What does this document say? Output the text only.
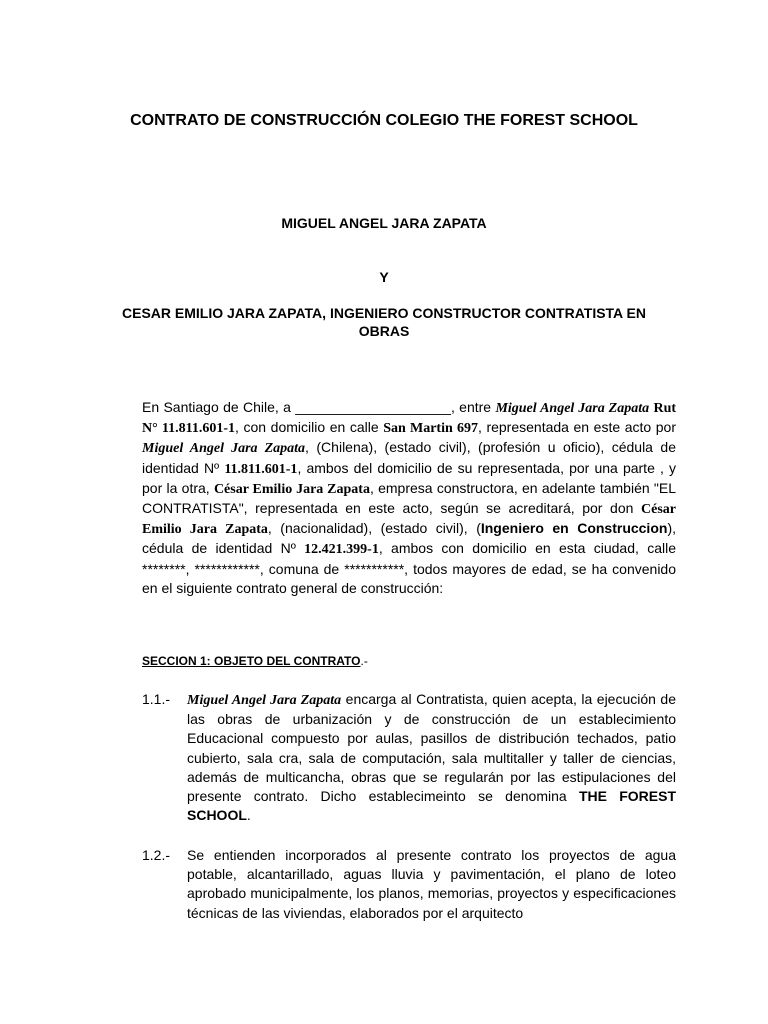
CONTRATO DE CONSTRUCCIÓN COLEGIO THE FOREST SCHOOL
MIGUEL ANGEL JARA ZAPATA
Y
CESAR EMILIO JARA ZAPATA, INGENIERO CONSTRUCTOR CONTRATISTA EN OBRAS
En Santiago de Chile, a ____________________, entre Miguel Angel Jara Zapata Rut N° 11.811.601-1, con domicilio en calle San Martin 697, representada en este acto por Miguel Angel Jara Zapata, (Chilena), (estado civil), (profesión u oficio), cédula de identidad Nº 11.811.601-1, ambos del domicilio de su representada, por una parte , y por la otra, César Emilio Jara Zapata, empresa constructora, en adelante también "EL CONTRATISTA", representada en este acto, según se acreditará, por don César Emilio Jara Zapata, (nacionalidad), (estado civil), (Ingeniero en Construccion), cédula de identidad Nº 12.421.399-1, ambos con domicilio en esta ciudad, calle ********, ************, comuna de ***********, todos mayores de edad, se ha convenido en el siguiente contrato general de construcción:
SECCION 1: OBJETO DEL CONTRATO.-
1.1.-	Miguel Angel Jara Zapata encarga al Contratista, quien acepta, la ejecución de las obras de urbanización y de construcción de un establecimiento Educacional compuesto por aulas, pasillos de distribución techados, patio cubierto, sala cra, sala de computación, sala multitaller y taller de ciencias, además de multicancha, obras que se regularán por las estipulaciones del presente contrato. Dicho establecimeinto se denomina THE FOREST SCHOOL.
1.2.-	Se entienden incorporados al presente contrato los proyectos de agua potable, alcantarillado, aguas lluvia y pavimentación, el plano de loteo aprobado municipalmente, los planos, memorias, proyectos y especificaciones técnicas de las viviendas, elaborados por el arquitecto
